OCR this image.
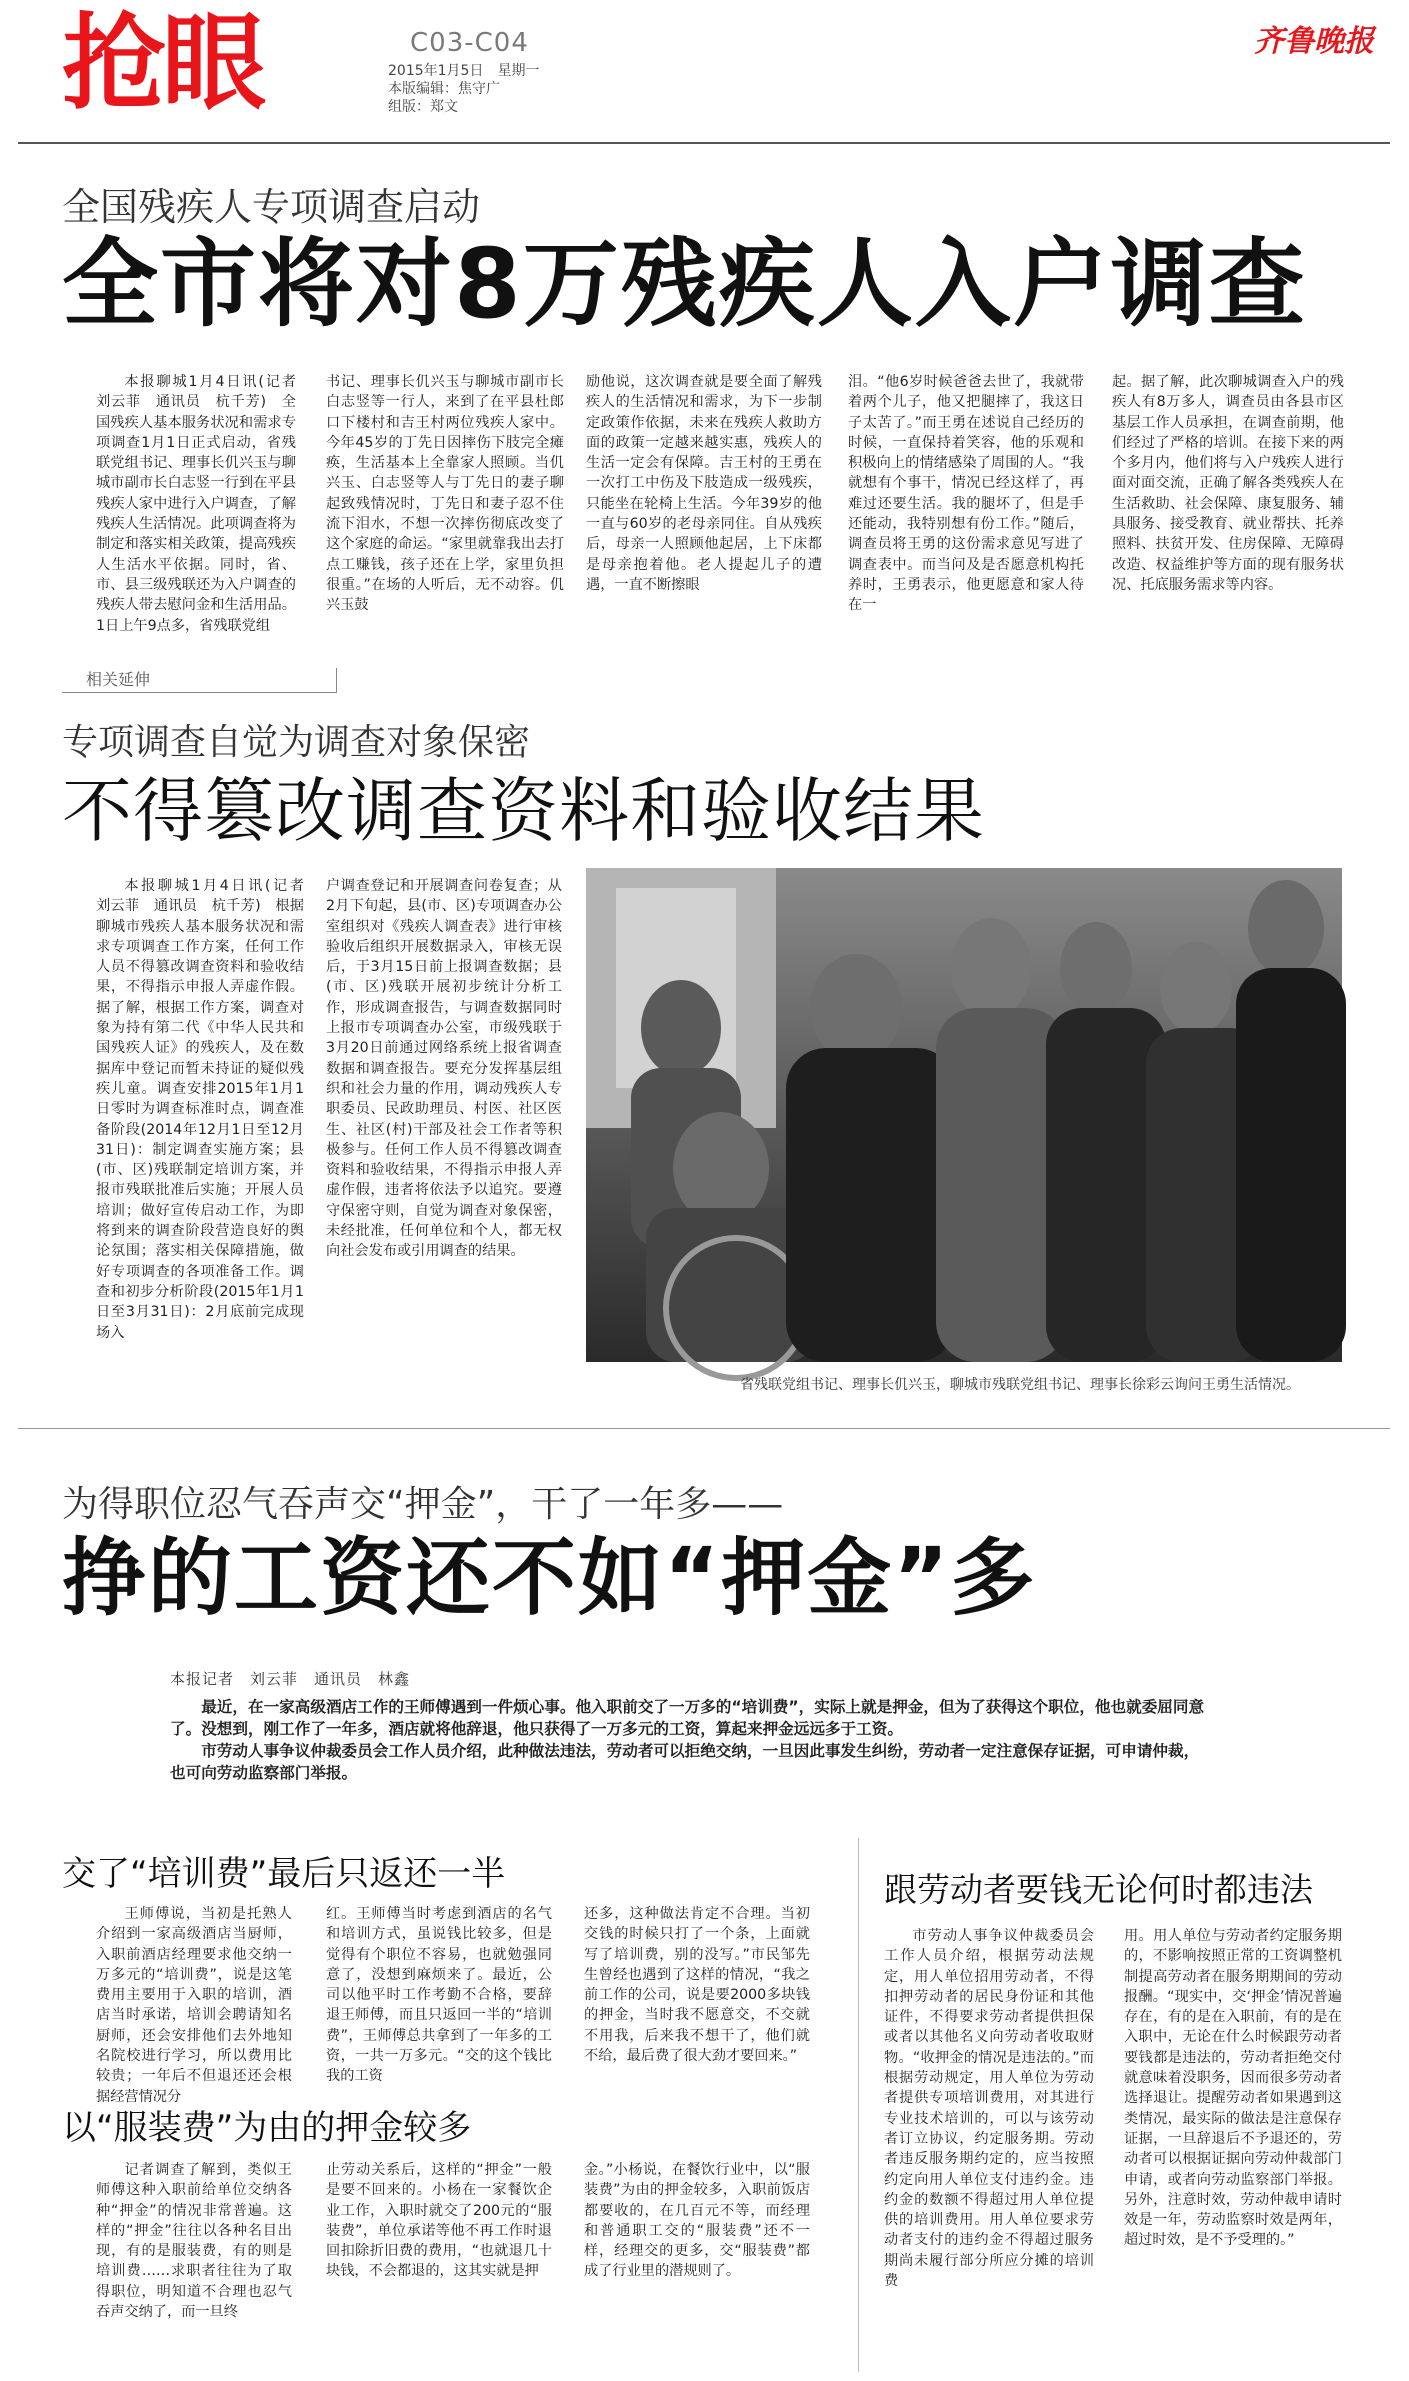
抢眼	C03-C04
2015年1月5日　星期一
本版编辑：焦守广
组版：郑文
齐鲁晚报
全国残疾人专项调查启动
全市将对8万残疾人入户调查

本报聊城1月4日讯(记者　刘云菲　通讯员　杭千芳)　全国残疾人基本服务状况和需求专项调查1月1日正式启动，省残联党组书记、理事长仉兴玉与聊城市副市长白志竖一行到在平县残疾人家中进行入户调查，了解残疾人生活情况。此项调查将为制定和落实相关政策，提高残疾人生活水平依据。同时，省、市、县三级残联还为入户调查的残疾人带去慰问金和生活用品。1日上午9点多，省残联党组

书记、理事长仉兴玉与聊城市副市长白志竖等一行人，来到了在平县杜郎口下楼村和吉王村两位残疾人家中。今年45岁的丁先日因摔伤下肢完全瘫痪，生活基本上全靠家人照顾。当仉兴玉、白志竖等人与丁先日的妻子聊起致残情况时，丁先日和妻子忍不住流下泪水，不想一次摔伤彻底改变了这个家庭的命运。“家里就靠我出去打点工赚钱，孩子还在上学，家里负担很重。”在场的人听后，无不动容。仉兴玉鼓

励他说，这次调查就是要全面了解残疾人的生活情况和需求，为下一步制定政策作依据，未来在残疾人救助方面的政策一定越来越实惠，残疾人的生活一定会有保障。吉王村的王勇在一次打工中伤及下肢造成一级残疾，只能坐在轮椅上生活。今年39岁的他一直与60岁的老母亲同住。自从残疾后，母亲一人照顾他起居，上下床都是母亲抱着他。老人提起儿子的遭遇，一直不断擦眼

泪。“他6岁时候爸爸去世了，我就带着两个儿子，他又把腿摔了，我这日子太苦了。”而王勇在述说自己经历的时候，一直保持着笑容，他的乐观和积极向上的情绪感染了周围的人。“我就想有个事干，情况已经这样了，再难过还要生活。我的腿坏了，但是手还能动，我特别想有份工作。”随后，调查员将王勇的这份需求意见写进了调查表中。而当问及是否愿意机构托养时，王勇表示，他更愿意和家人待在一

起。据了解，此次聊城调查入户的残疾人有8万多人，调查员由各县市区基层工作人员承担，在调查前期，他们经过了严格的培训。在接下来的两个多月内，他们将与入户残疾人进行面对面交流，正确了解各类残疾人在生活救助、社会保障、康复服务、辅具服务、接受教育、就业帮扶、托养照料、扶贫开发、住房保障、无障碍改造、权益维护等方面的现有服务状况、托底服务需求等内容。

相关延伸
专项调查自觉为调查对象保密
不得篡改调查资料和验收结果

本报聊城1月4日讯(记者　刘云菲　通讯员　杭千芳)　根据聊城市残疾人基本服务状况和需求专项调查工作方案，任何工作人员不得篡改调查资料和验收结果，不得指示申报人弄虚作假。据了解，根据工作方案，调查对象为持有第二代《中华人民共和国残疾人证》的残疾人，及在数据库中登记而暂未持证的疑似残疾儿童。调查安排2015年1月1日零时为调查标准时点，调查准备阶段(2014年12月1日至12月31日)：制定调查实施方案；县(市、区)残联制定培训方案，并报市残联批准后实施；开展人员培训；做好宣传启动工作，为即将到来的调查阶段营造良好的舆论氛围；落实相关保障措施，做好专项调查的各项准备工作。调查和初步分析阶段(2015年1月1日至3月31日)：2月底前完成现场入

户调查登记和开展调查问卷复查；从2月下旬起，县(市、区)专项调查办公室组织对《残疾人调查表》进行审核验收后组织开展数据录入，审核无误后，于3月15日前上报调查数据；县(市、区)残联开展初步统计分析工作，形成调查报告，与调查数据同时上报市专项调查办公室，市级残联于3月20日前通过网络系统上报省调查数据和调查报告。要充分发挥基层组织和社会力量的作用，调动残疾人专职委员、民政助理员、村医、社区医生、社区(村)干部及社会工作者等积极参与。任何工作人员不得篡改调查资料和验收结果，不得指示申报人弄虚作假，违者将依法予以追究。要遵守保密守则，自觉为调查对象保密，未经批准，任何单位和个人，都无权向社会发布或引用调查的结果。

省残联党组书记、理事长仉兴玉，聊城市残联党组书记、理事长徐彩云询问王勇生活情况。
为得职位忍气吞声交“押金”，干了一年多——
挣的工资还不如“押金”多
本报记者　刘云菲　通讯员　林鑫

最近，在一家高级酒店工作的王师傅遇到一件烦心事。他入职前交了一万多的“培训费”，实际上就是押金，但为了获得这个职位，他也就委屈同意了。没想到，刚工作了一年多，酒店就将他辞退，他只获得了一万多元的工资，算起来押金远远多于工资。

市劳动人事争议仲裁委员会工作人员介绍，此种做法违法，劳动者可以拒绝交纳，一旦因此事发生纠纷，劳动者一定注意保存证据，可申请仲裁，也可向劳动监察部门举报。

交了“培训费”最后只返还一半

王师傅说，当初是托熟人介绍到一家高级酒店当厨师，入职前酒店经理要求他交纳一万多元的“培训费”，说是这笔费用主要用于入职的培训，酒店当时承诺，培训会聘请知名厨师，还会安排他们去外地知名院校进行学习，所以费用比较贵；一年后不但退还还会根据经营情况分

红。王师傅当时考虑到酒店的名气和培训方式，虽说钱比较多，但是觉得有个职位不容易，也就勉强同意了，没想到麻烦来了。最近，公司以他平时工作考勤不合格，要辞退王师傅，而且只返回一半的“培训费”，王师傅总共拿到了一年多的工资，一共一万多元。“交的这个钱比我的工资

还多，这种做法肯定不合理。当初交钱的时候只打了一个条，上面就写了培训费，别的没写。”市民邹先生曾经也遇到了这样的情况，“我之前工作的公司，说是要2000多块钱的押金，当时我不愿意交，不交就不用我，后来我不想干了，他们就不给，最后费了很大劲才要回来。”

以“服装费”为由的押金较多

记者调查了解到，类似王师傅这种入职前给单位交纳各种“押金”的情况非常普遍。这样的“押金”往往以各种名目出现，有的是服装费，有的则是培训费……求职者往往为了取得职位，明知道不合理也忍气吞声交纳了，而一旦终

止劳动关系后，这样的“押金”一般是要不回来的。小杨在一家餐饮企业工作，入职时就交了200元的“服装费”，单位承诺等他不再工作时退回扣除折旧费的费用，“也就退几十块钱，不会都退的，这其实就是押

金。”小杨说，在餐饮行业中，以“服装费”为由的押金较多，入职前饭店都要收的，在几百元不等，而经理和普通职工交的“服装费”还不一样，经理交的更多，交“服装费”都成了行业里的潜规则了。

跟劳动者要钱无论何时都违法

市劳动人事争议仲裁委员会工作人员介绍，根据劳动法规定，用人单位招用劳动者，不得扣押劳动者的居民身份证和其他证件，不得要求劳动者提供担保或者以其他名义向劳动者收取财物。“收押金的情况是违法的。”而根据劳动规定，用人单位为劳动者提供专项培训费用，对其进行专业技术培训的，可以与该劳动者订立协议，约定服务期。劳动者违反服务期约定的，应当按照约定向用人单位支付违约金。违约金的数额不得超过用人单位提供的培训费用。用人单位要求劳动者支付的违约金不得超过服务期尚未履行部分所应分摊的培训费

用。用人单位与劳动者约定服务期的，不影响按照正常的工资调整机制提高劳动者在服务期期间的劳动报酬。“现实中，交‘押金’情况普遍存在，有的是在入职前，有的是在入职中，无论在什么时候跟劳动者要钱都是违法的，劳动者拒绝交付就意味着没职务，因而很多劳动者选择退让。提醒劳动者如果遇到这类情况，最实际的做法是注意保存证据，一旦辞退后不予退还的，劳动者可以根据证据向劳动仲裁部门申请，或者向劳动监察部门举报。另外，注意时效，劳动仲裁申请时效是一年，劳动监察时效是两年，超过时效，是不予受理的。”
